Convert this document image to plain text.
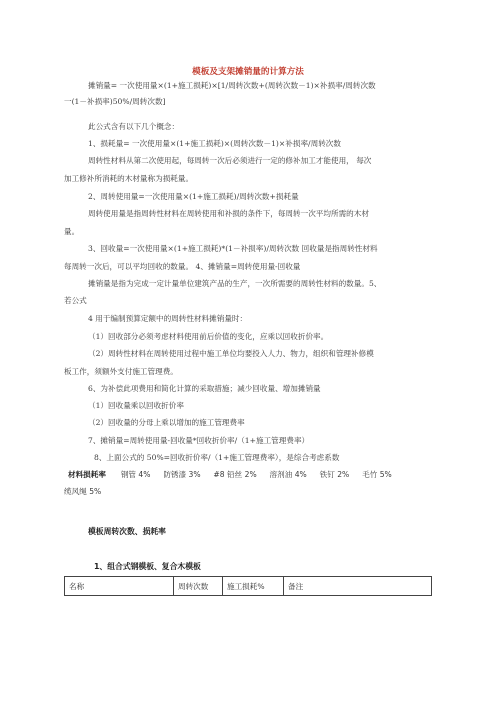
模板及支架摊销量的计算方法
摊销量= 一次使用量×(1+施工损耗)×[1/周转次数+(周转次数－1)×补损率/周转次数
一(1－补损率)50%/周转次数]
此公式含有以下几个概念：
1、损耗量= 一次使用量×(1+施工损耗)×(周转次数－1)×补损率/周转次数
周转性材料从第二次使用起，每周转一次后必须进行一定的修补加工才能使用， 每次
加工修补所消耗的木材量称为损耗量。
2、周转使用量=一次使用量×(1+施工损耗)/周转次数+损耗量
周转使用量是指周转性材料在周转使用和补损的条件下，每周转一次平均所需的木材
量。
3、回收量=一次使用量×(1+施工损耗)*(1－补损率)/周转次数 回收量是指周转性材料
每周转一次后，可以平均回收的数量。 4、摊销量=周转使用量-回收量
摊销量是指为完成一定计量单位建筑产品的生产，一次所需要的周转性材料的数量。5、
若公式
4 用于编制预算定额中的周转性材料摊销量时：
（1）回收部分必须考虑材料使用前后价值的变化，应乘以回收折价率。
（2）周转性材料在周转使用过程中施工单位均要投入人力、物力，组织和管理补修模
板工作，须额外支付施工管理费。
6、为补偿此项费用和简化计算的采取措施；减少回收量、增加摊销量
（1）回收量乘以回收折价率
（2）回收量的分母上乘以增加的施工管理费率
7、摊销量=周转使用量-回收量*回收折价率/（1+施工管理费率）
8、上面公式的 50%=回收折价率/（1+施工管理费率），是综合考虑系数
材料损耗率 钢管 4% 防锈漆 3% #8 铅丝 2% 溶剂油 4% 铁钉 2% 毛竹 5%
缆风绳 5%
模板周转次数、损耗率
1、组合式钢模板、复合木模板
名称	周转次数	施工损耗%	备注
